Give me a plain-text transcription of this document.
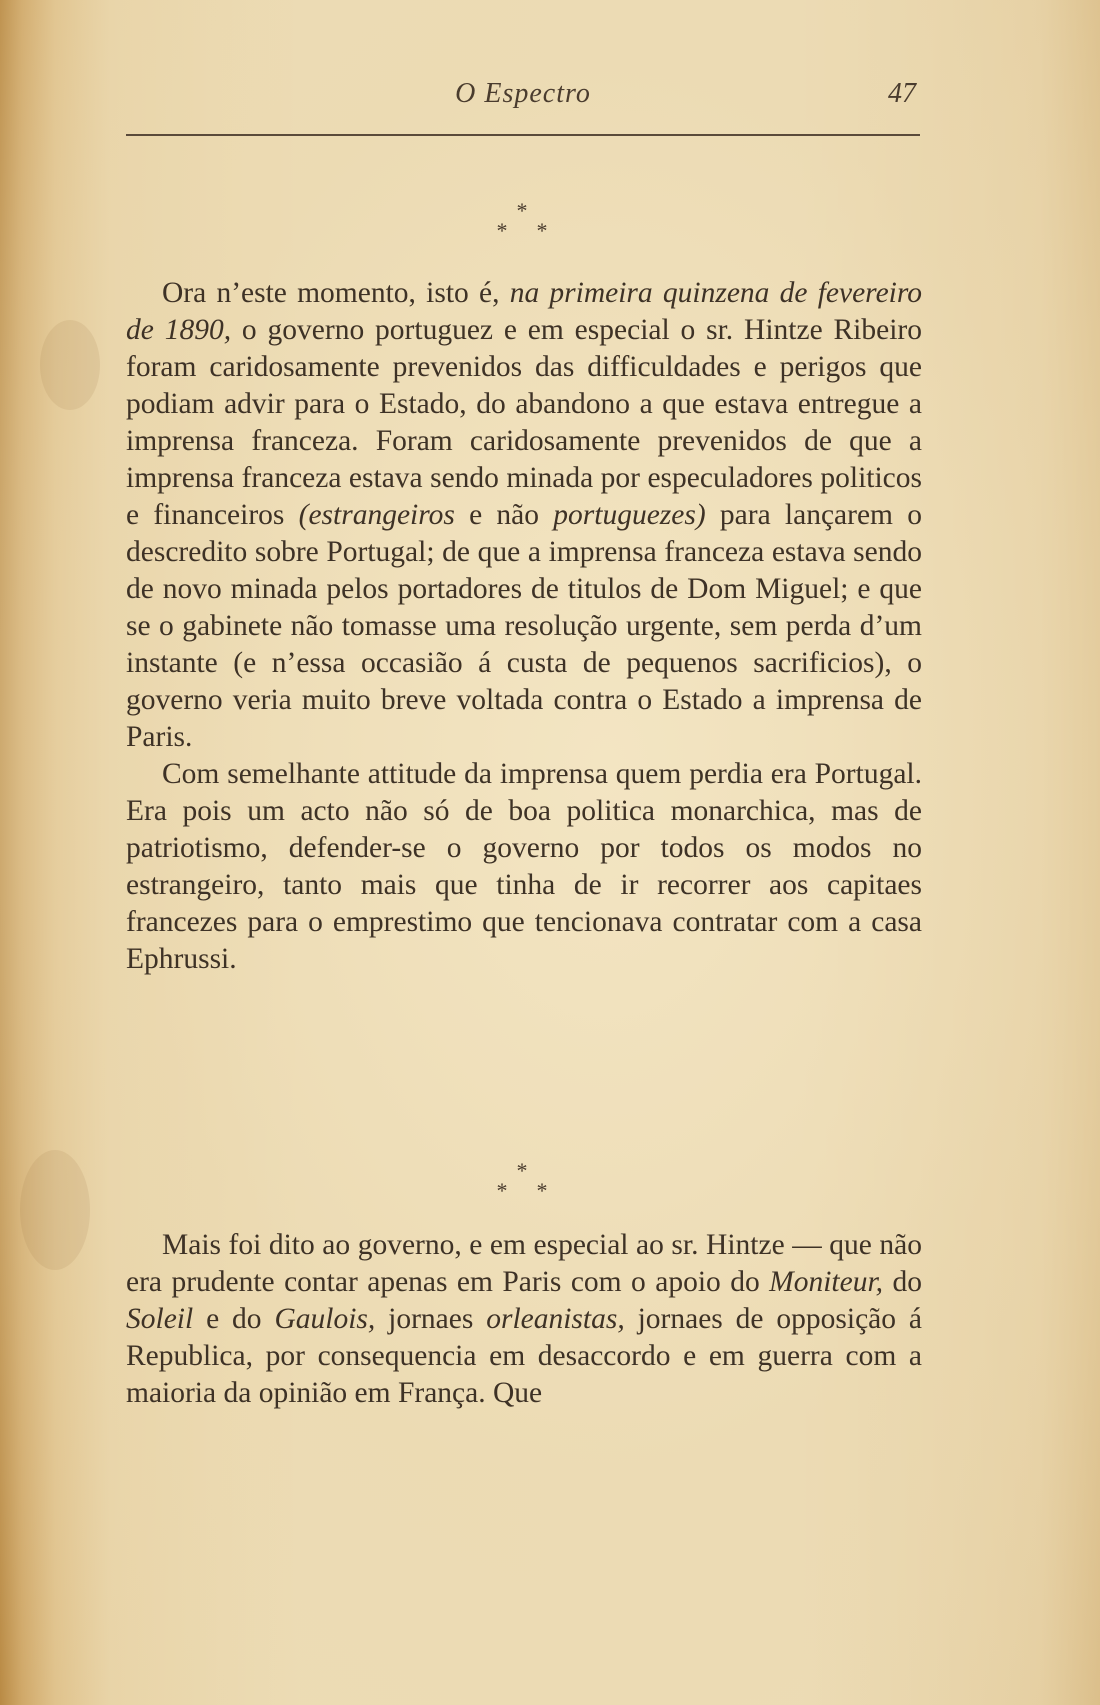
O Espectro	47
*
* *

Ora n’este momento, isto é, na primeira quinzena de fevereiro de 1890, o governo portuguez e em especial o sr. Hintze Ribeiro foram caridosamente prevenidos das difficuldades e perigos que podiam advir para o Estado, do abandono a que estava entregue a imprensa franceza. Foram caridosamente prevenidos de que a imprensa franceza estava sendo minada por especuladores politicos e financeiros (estrangeiros e não portuguezes) para lançarem o descredito sobre Portugal; de que a imprensa franceza estava sendo de novo minada pelos portadores de titulos de Dom Miguel; e que se o gabinete não tomasse uma resolução urgente, sem perda d’um instante (e n’essa occasião á custa de pequenos sacrificios), o governo veria muito breve voltada contra o Estado a imprensa de Paris.

Com semelhante attitude da imprensa quem perdia era Portugal. Era pois um acto não só de boa politica monarchica, mas de patriotismo, defender-se o governo por todos os modos no estrangeiro, tanto mais que tinha de ir recorrer aos capitaes francezes para o emprestimo que tencionava contratar com a casa Ephrussi.

*
* *

Mais foi dito ao governo, e em especial ao sr. Hintze — que não era prudente contar apenas em Paris com o apoio do Moniteur, do Soleil e do Gaulois, jornaes orleanistas, jornaes de opposição á Republica, por consequencia em desaccordo e em guerra com a maioria da opinião em França. Que
